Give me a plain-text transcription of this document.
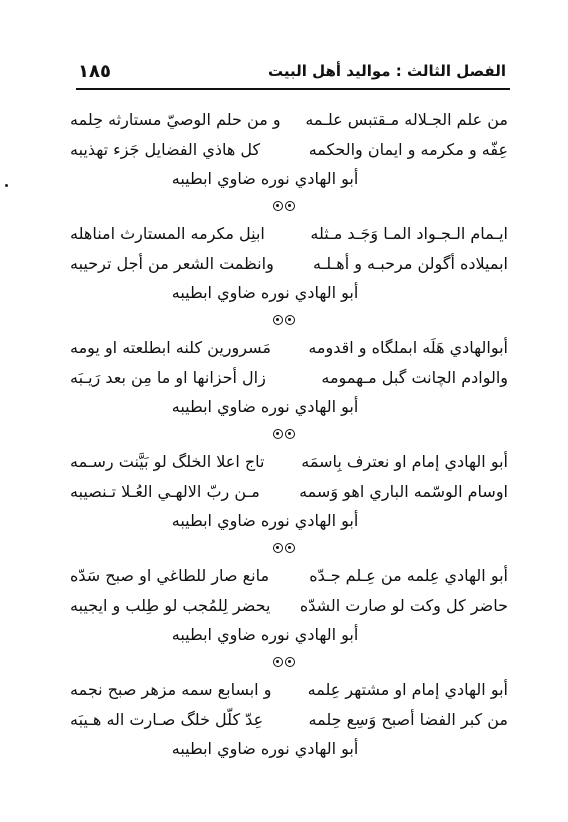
الفصل الثالث : مواليد أهل البيت
١٨٥
من علم الجـلاله مـقتبس علـمه
و من حلم الوصيّ مستارثه حِلمه
عِفّه و مكرمه و ايمان والحكمه
كل هاذي الفضايل جَزء تهذيبه
أبو الهادي نوره ضاوي ابطيبه
ايـمام الـجـواد المـا وَجَـد مـثله
ابنِل مكرمه المستارث امناهله
ابميلاده أگولن مرحبـه و أهـلـه
وانظمت الشعر من أجل ترحيبه
أبو الهادي نوره ضاوي ابطيبه
أبوالهادي هَلَه ابملگاه و اقدومه
مَسرورين كلنه ابطلعته او يومه
والوادم الچانت گبل مـهمومه
زال أحزانها او ما مِن بعد رَيـبَه
أبو الهادي نوره ضاوي ابطيبه
أبو الهادي إمام او نعترف بِاسمَه
تاج اعلا الخلگ لو بَيَّنت رسـمه
اوسام الوسّمه الباري اهو وَسمه
مـن ربّ الالهـي العُـلا تـنصيبه
أبو الهادي نوره ضاوي ابطيبه
أبو الهادي عِلمه من عِـلم جـدّه
مانع صار للطاغي او صبح سَدّه
حاضر كل وكت لو صارت الشدّه
يحضر لِلمُجب لو طِلب و ايجيبه
أبو الهادي نوره ضاوي ابطيبه
أبو الهادي إمام او مشتهر عِلمه
و ابسابع سمه مزهر صبح نجمه
من كبر الفضا أصبح وَسِع حِلمه
عِدّ كلّل خلگ صـارت اله هـيبَه
أبو الهادي نوره ضاوي ابطيبه
